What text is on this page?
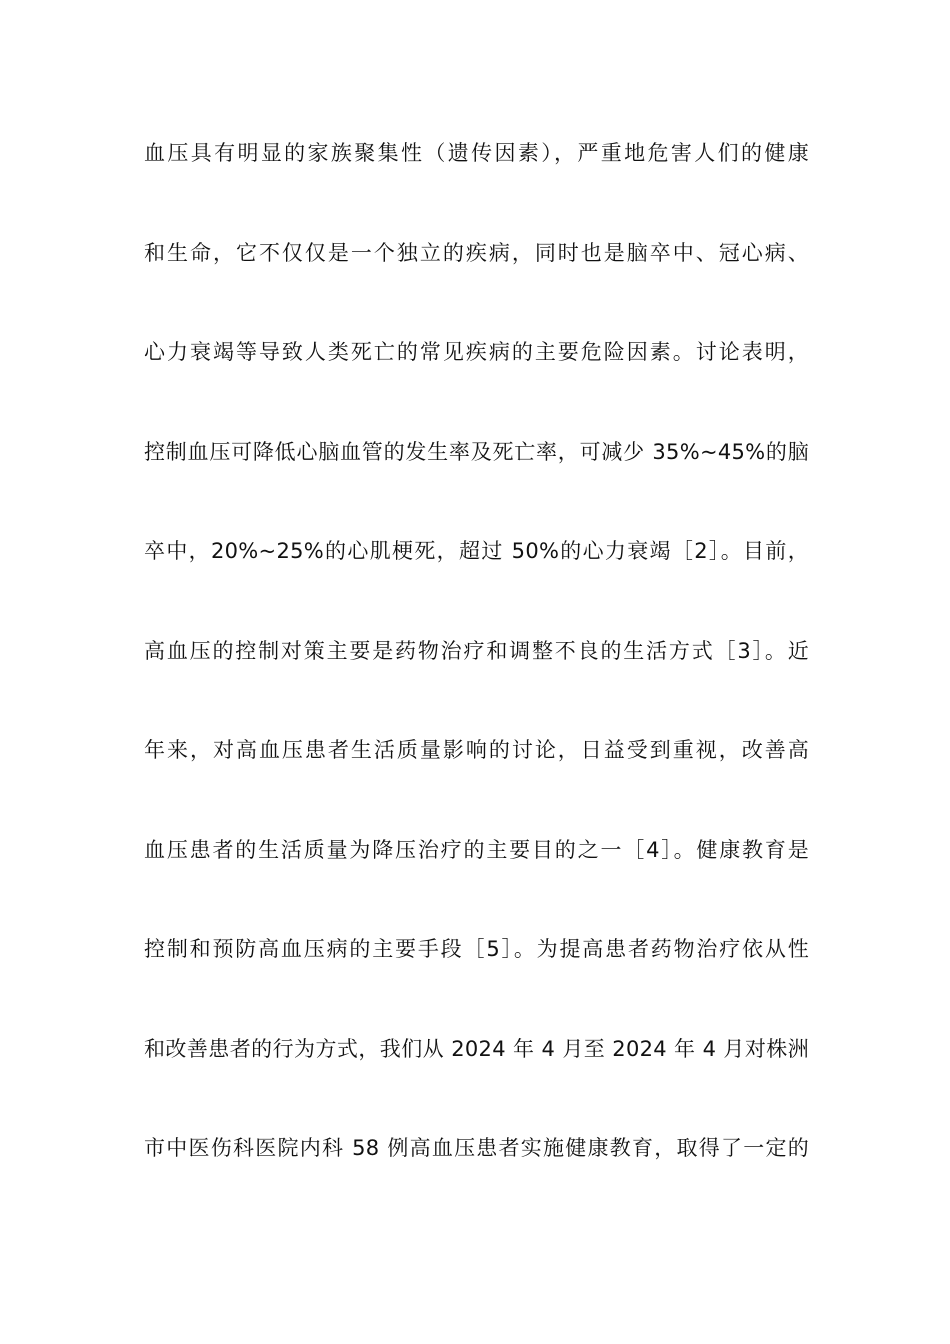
血压具有明显的家族聚集性（遗传因素），严重地危害人们的健康
和生命，它不仅仅是一个独立的疾病，同时也是脑卒中、冠心病、
心力衰竭等导致人类死亡的常见疾病的主要危险因素。讨论表明，
控制血压可降低心脑血管的发生率及死亡率，可减少 35%~45%的脑
卒中，20%~25%的心肌梗死，超过 50%的心力衰竭［2］。目前，
高血压的控制对策主要是药物治疗和调整不良的生活方式［3］。近
年来，对高血压患者生活质量影响的讨论，日益受到重视，改善高
血压患者的生活质量为降压治疗的主要目的之一［4］。健康教育是
控制和预防高血压病的主要手段［5］。为提高患者药物治疗依从性
和改善患者的行为方式，我们从 2024 年 4 月至 2024 年 4 月对株洲
市中医伤科医院内科 58 例高血压患者实施健康教育，取得了一定的
